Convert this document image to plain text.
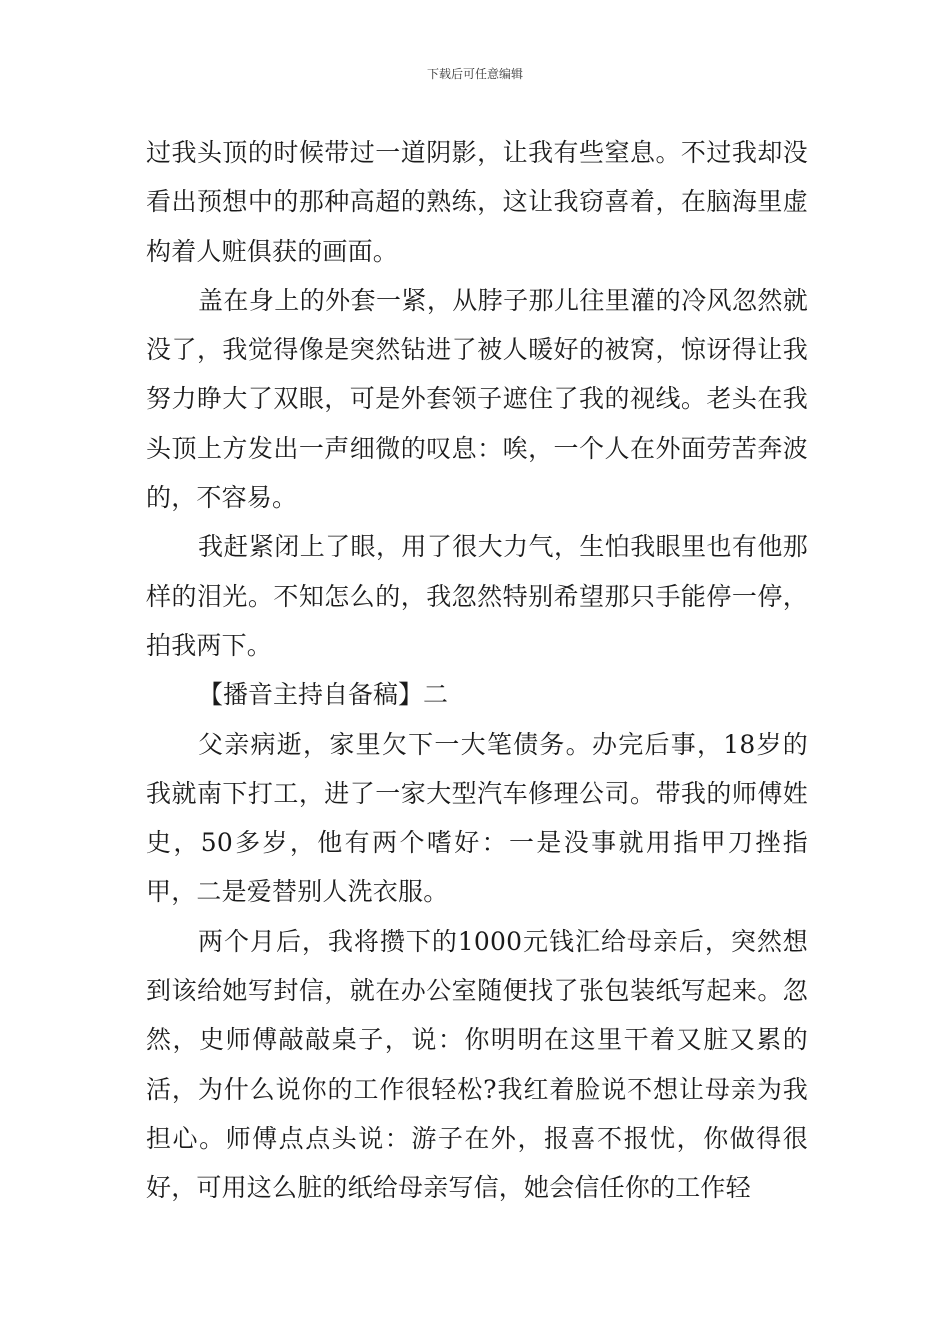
下载后可任意编辑

过我头顶的时候带过一道阴影，让我有些窒息。不过我却没看出预想中的那种高超的熟练，这让我窃喜着，在脑海里虚构着人赃俱获的画面。

盖在身上的外套一紧，从脖子那儿往里灌的冷风忽然就没了，我觉得像是突然钻进了被人暖好的被窝，惊讶得让我努力睁大了双眼，可是外套领子遮住了我的视线。老头在我头顶上方发出一声细微的叹息：唉，一个人在外面劳苦奔波的，不容易。

我赶紧闭上了眼，用了很大力气，生怕我眼里也有他那样的泪光。不知怎么的，我忽然特别希望那只手能停一停，拍我两下。

【播音主持自备稿】二

父亲病逝，家里欠下一大笔债务。办完后事，18岁的我就南下打工，进了一家大型汽车修理公司。带我的师傅姓史，50多岁，他有两个嗜好：一是没事就用指甲刀挫指甲，二是爱替别人洗衣服。

两个月后，我将攒下的1000元钱汇给母亲后，突然想到该给她写封信，就在办公室随便找了张包装纸写起来。忽然，史师傅敲敲桌子，说：你明明在这里干着又脏又累的活，为什么说你的工作很轻松?我红着脸说不想让母亲为我担心。师傅点点头说：游子在外，报喜不报忧，你做得很好，可用这么脏的纸给母亲写信，她会信任你的工作轻
